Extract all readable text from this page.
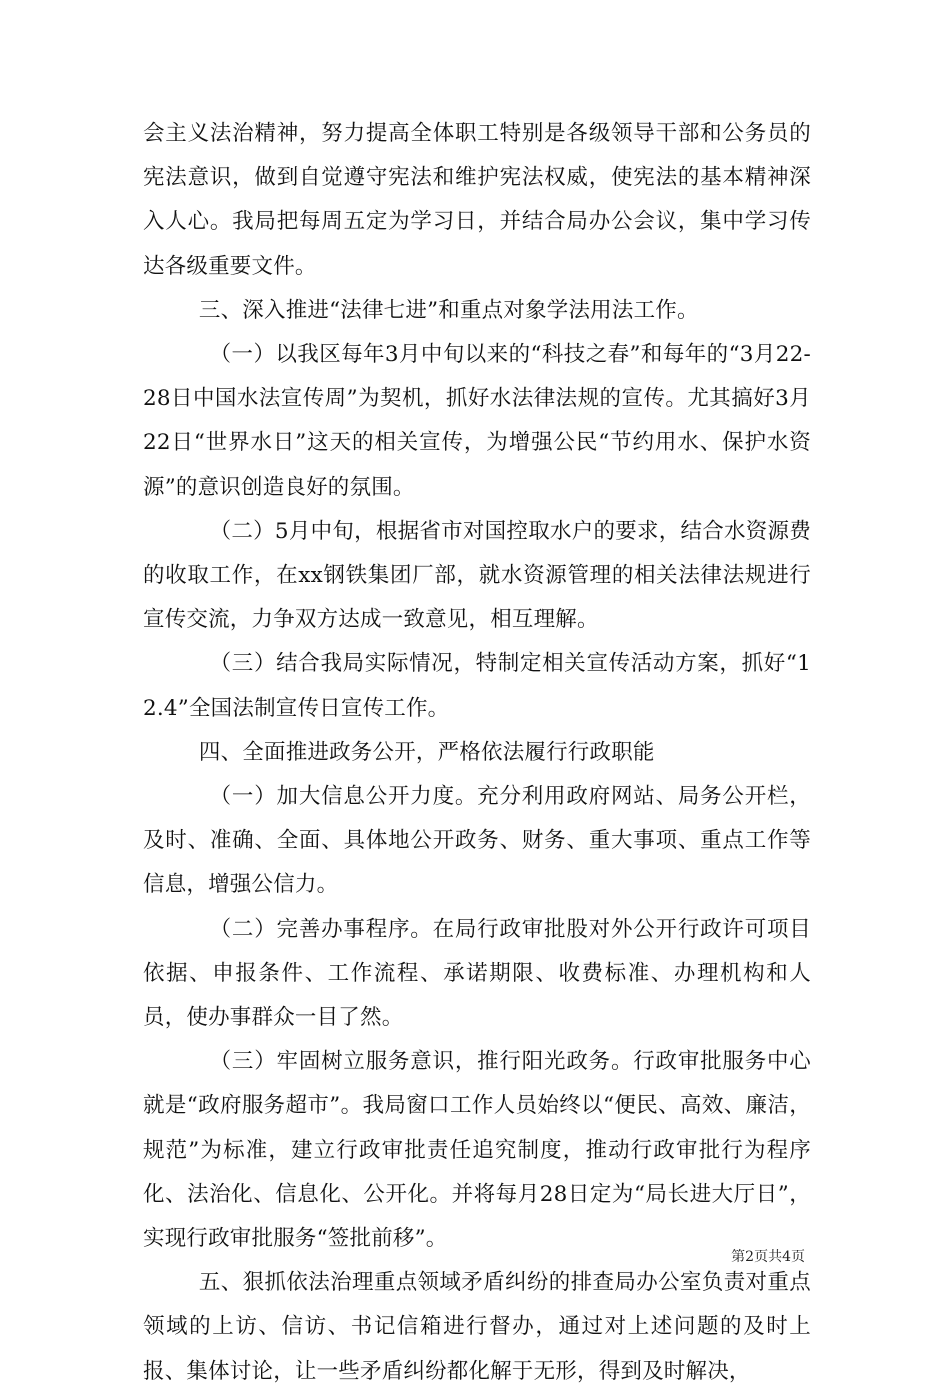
会主义法治精神，努力提高全体职工特别是各级领导干部和公务员的宪法意识，做到自觉遵守宪法和维护宪法权威，使宪法的基本精神深入人心。我局把每周五定为学习日，并结合局办公会议，集中学习传达各级重要文件。

三、深入推进“法律七进”和重点对象学法用法工作。

（一）以我区每年3月中旬以来的“科技之春”和每年的“3月22-28日中国水法宣传周”为契机，抓好水法律法规的宣传。尤其搞好3月22日“世界水日”这天的相关宣传，为增强公民“节约用水、保护水资源”的意识创造良好的氛围。

（二）5月中旬，根据省市对国控取水户的要求，结合水资源费的收取工作，在xx钢铁集团厂部，就水资源管理的相关法律法规进行宣传交流，力争双方达成一致意见，相互理解。

（三）结合我局实际情况，特制定相关宣传活动方案，抓好“12.4”全国法制宣传日宣传工作。

四、全面推进政务公开，严格依法履行行政职能

（一）加大信息公开力度。充分利用政府网站、局务公开栏，及时、准确、全面、具体地公开政务、财务、重大事项、重点工作等信息，增强公信力。

（二）完善办事程序。在局行政审批股对外公开行政许可项目依据、申报条件、工作流程、承诺期限、收费标准、办理机构和人员，使办事群众一目了然。

（三）牢固树立服务意识，推行阳光政务。行政审批服务中心就是“政府服务超市”。我局窗口工作人员始终以“便民、高效、廉洁，规范”为标准，建立行政审批责任追究制度，推动行政审批行为程序化、法治化、信息化、公开化。并将每月28日定为“局长进大厅日”，实现行政审批服务“签批前移”。

五、狠抓依法治理重点领域矛盾纠纷的排查局办公室负责对重点领域的上访、信访、书记信箱进行督办，通过对上述问题的及时上报、集体讨论，让一些矛盾纠纷都化解于无形，得到及时解决，

第2页共4页
